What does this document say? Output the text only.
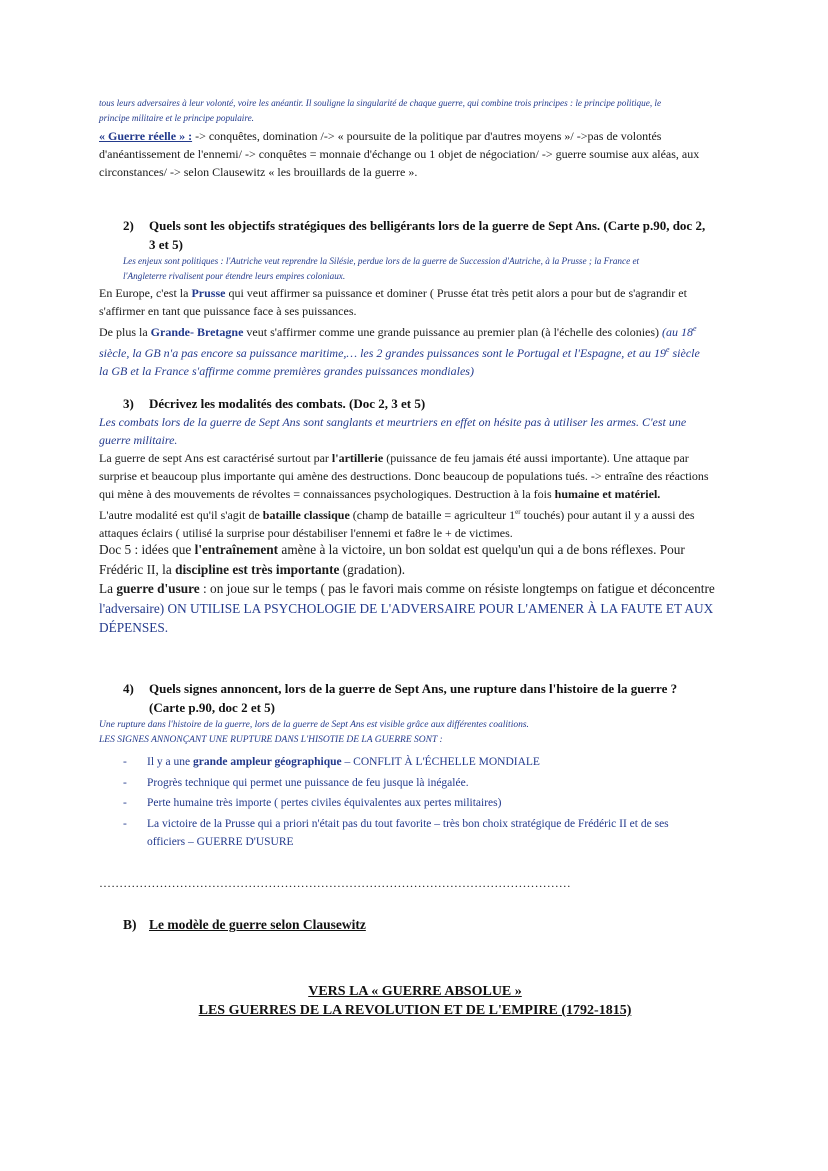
tous leurs adversaires à leur volonté, voire les anéantir. Il souligne la singularité de chaque guerre, qui combine trois principes : le principe politique, le
principe militaire et le principe populaire.
« Guerre réelle » : -> conquêtes, domination /-> « poursuite de la politique par d'autres moyens »/ ->pas de volontés
d'anéantissement de l'ennemi/ -> conquêtes = monnaie d'échange ou 1 objet de négociation/ -> guerre soumise aux aléas, aux
circonstances/ -> selon Clausewitz « les brouillards de la guerre ».
2) Quels sont les objectifs stratégiques des belligérants lors de la guerre de Sept Ans. (Carte p.90, doc 2,
3 et 5)
Les enjeux sont politiques : l'Autriche veut reprendre la Silésie, perdue lors de la guerre de Succession d'Autriche, à la Prusse ; la France et
l'Angleterre rivalisent pour étendre leurs empires coloniaux.
En Europe, c'est la Prusse qui veut affirmer sa puissance et dominer ( Prusse état très petit alors a pour but de s'agrandir et
s'affirmer en tant que puissance face à ses puissances.
De plus la Grande- Bretagne veut s'affirmer comme une grande puissance au premier plan (à l'échelle des colonies) (au 18e
siècle, la GB n'a pas encore sa puissance maritime,… les 2 grandes puissances sont le Portugal et l'Espagne, et au 19e siècle
la GB et la France s'affirme comme premières grandes puissances mondiales)
3) Décrivez les modalités des combats. (Doc 2, 3 et 5)
Les combats lors de la guerre de Sept Ans sont sanglants et meurtriers en effet on hésite pas à utiliser les armes. C'est une
guerre militaire.
La guerre de sept Ans est caractérisé surtout par l'artillerie (puissance de feu jamais été aussi importante). Une attaque par
surprise et beaucoup plus importante qui amène des destructions. Donc beaucoup de populations tués. -> entraîne des réactions
qui mène à des mouvements de révoltes = connaissances psychologiques. Destruction à la fois humaine et matériel.
L'autre modalité est qu'il s'agit de bataille classique (champ de bataille = agriculteur 1er touchés) pour autant il y a aussi des
attaques éclairs ( utilisé la surprise pour déstabiliser l'ennemi et fa8re le + de victimes.
Doc 5 : idées que l'entraînement amène à la victoire, un bon soldat est quelqu'un qui a de bons réflexes. Pour
Frédéric II, la discipline est très importante (gradation).
La guerre d'usure : on joue sur le temps ( pas le favori mais comme on résiste longtemps on fatigue et déconcentre
l'adversaire) ON UTILISE LA PSYCHOLOGIE DE L'ADVERSAIRE POUR L'AMENER À LA FAUTE ET AUX
DÉPENSES.
4) Quels signes annoncent, lors de la guerre de Sept Ans, une rupture dans l'histoire de la guerre ?
(Carte p.90, doc 2 et 5)
Une rupture dans l'histoire de la guerre, lors de la guerre de Sept Ans est visible grâce aux différentes coalitions.
LES SIGNES ANNONÇANT UNE RUPTURE DANS L'HISOTIE DE LA GUERRE SONT :
- Il y a une grande ampleur géographique – CONFLIT À L'ÉCHELLE MONDIALE
- Progrès technique qui permet une puissance de feu jusque là inégalée.
- Perte humaine très importe ( pertes civiles équivalentes aux pertes militaires)
- La victoire de la Prusse qui a priori n'était pas du tout favorite – très bon choix stratégique de Frédéric II et de ses
officiers – GUERRE D'USURE
………………………………………………………………………………………………………
B) Le modèle de guerre selon Clausewitz
VERS LA « GUERRE ABSOLUE »
LES GUERRES DE LA REVOLUTION ET DE L'EMPIRE (1792-1815)
